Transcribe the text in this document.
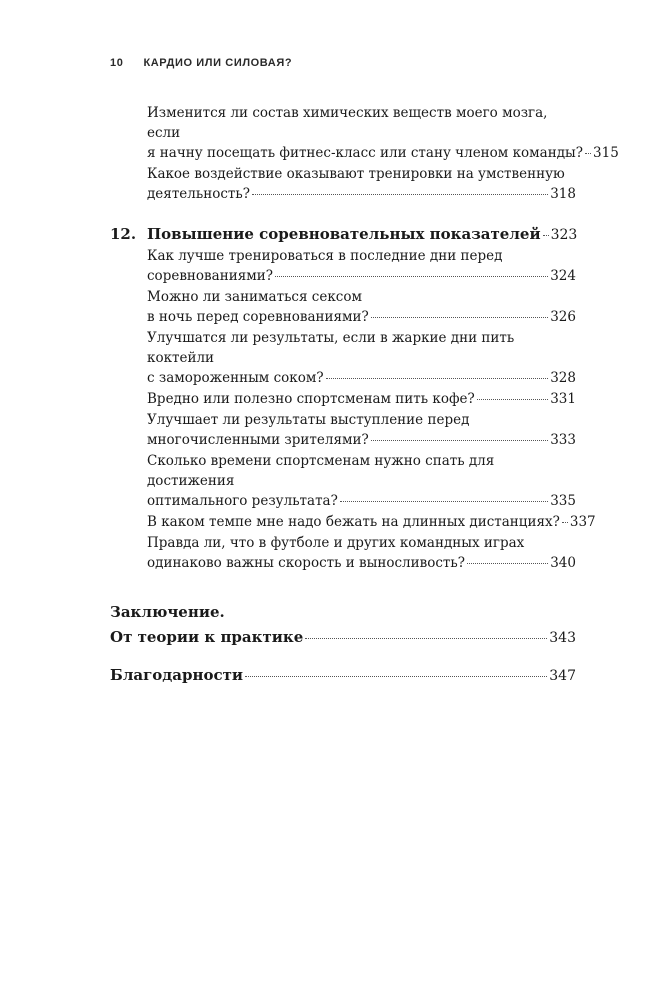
10 КАРДИО ИЛИ СИЛОВАЯ?
Изменится ли состав химических веществ моего мозга, если
я начну посещать фитнес-класс или стану членом команды? 315
Какое воздействие оказывают тренировки на умственную
деятельность?	318
12. Повышение соревновательных показателей 323
Как лучше тренироваться в последние дни перед
соревнованиями?	324
Можно ли заниматься сексом
в ночь перед соревнованиями?	326
Улучшатся ли результаты, если в жаркие дни пить коктейли
с замороженным соком?	328
Вредно или полезно спортсменам пить кофе?	331
Улучшает ли результаты выступление перед
многочисленными зрителями?	333
Сколько времени спортсменам нужно спать для достижения
оптимального результата?	335
В каком темпе мне надо бежать на длинных дистанциях? 337
Правда ли, что в футболе и других командных играх
одинаково важны скорость и выносливость?	340
Заключение.
От теории к практике	343
Благодарности	347
